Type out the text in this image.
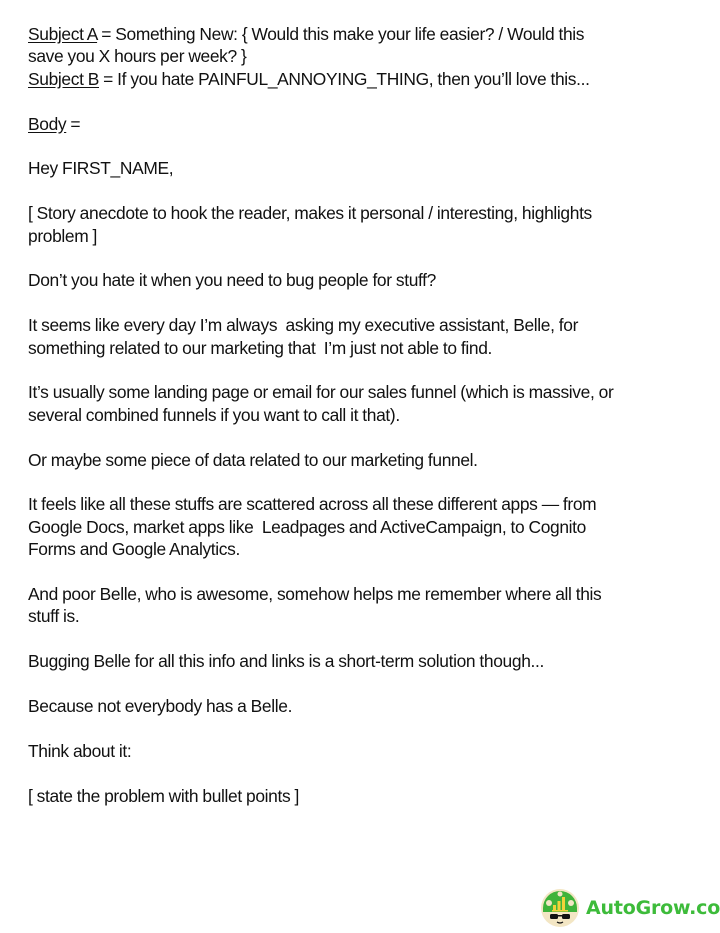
Subject A = Something New: { Would this make your life easier? / Would this
save you X hours per week? }
Subject B = If you hate PAINFUL_ANNOYING_THING, then you’ll love this...
Body =
Hey FIRST_NAME,
[ Story anecdote to hook the reader, makes it personal / interesting, highlights
problem ]
Don’t you hate it when you need to bug people for stuff?
It seems like every day I’m always  asking my executive assistant, Belle, for
something related to our marketing that  I’m just not able to find.
It’s usually some landing page or email for our sales funnel (which is massive, or
several combined funnels if you want to call it that).
Or maybe some piece of data related to our marketing funnel.
It feels like all these stuffs are scattered across all these different apps — from
Google Docs, market apps like  Leadpages and ActiveCampaign, to Cognito
Forms and Google Analytics.
And poor Belle, who is awesome, somehow helps me remember where all this
stuff is.
Bugging Belle for all this info and links is a short-term solution though...
Because not everybody has a Belle.
Think about it:
[ state the problem with bullet points ]
AutoGrow.co
